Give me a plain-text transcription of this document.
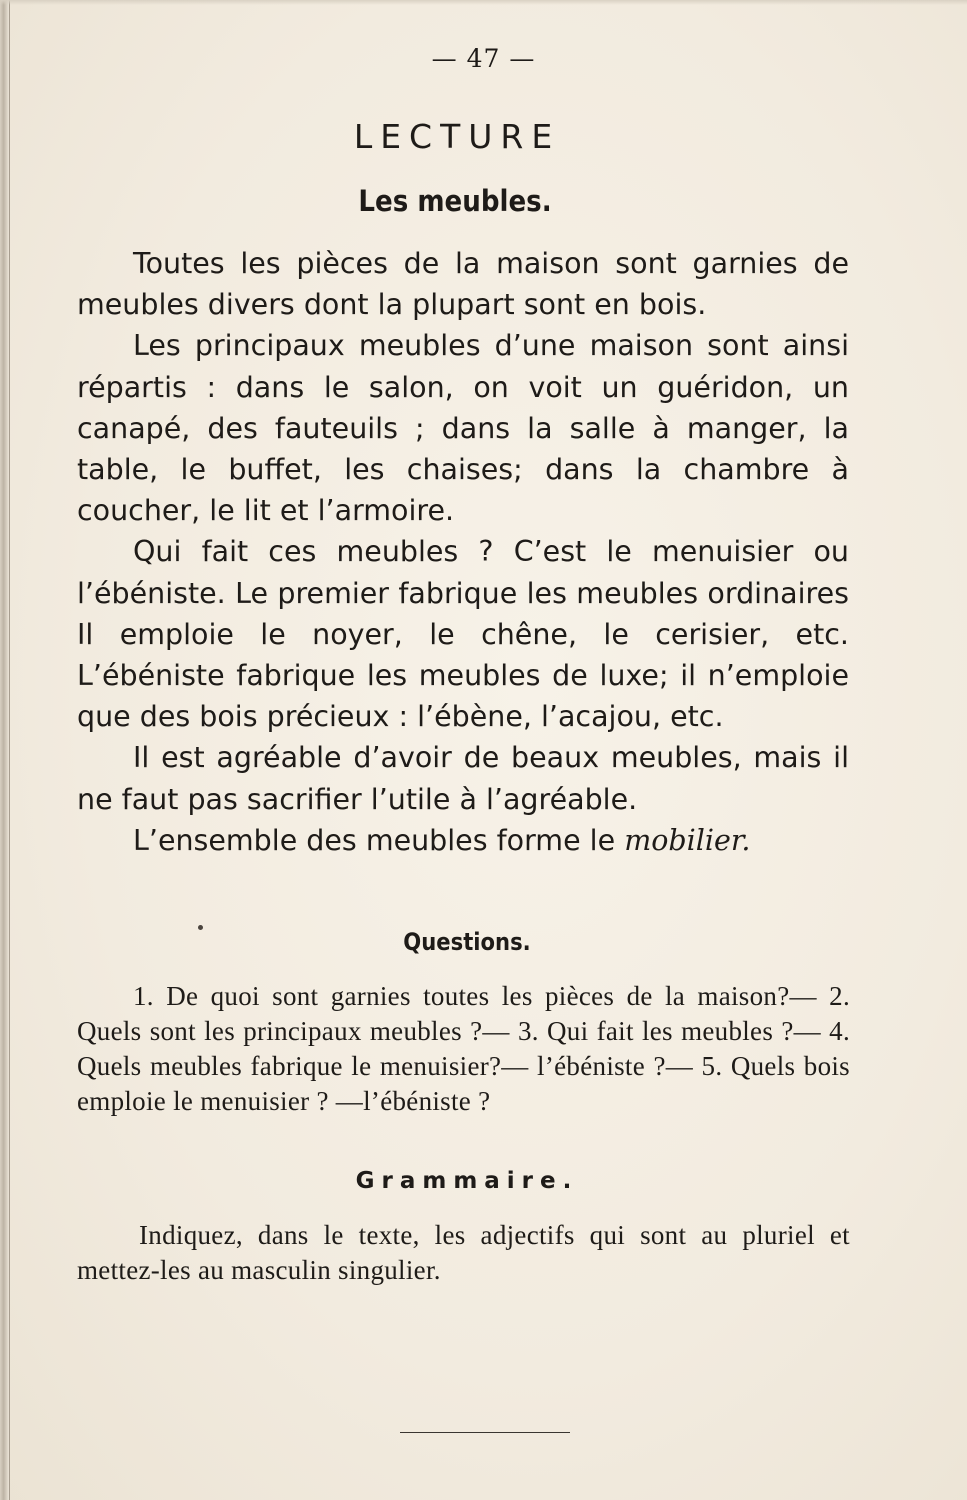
— 47 —
LECTURE
Les meubles.

Toutes les pièces de la maison sont garnies de meubles divers dont la plupart sont en bois.

Les principaux meubles d’une maison sont ainsi répartis : dans le salon, on voit un guéridon, un canapé, des fauteuils ; dans la salle à manger, la table, le buffet, les chaises; dans la chambre à coucher, le lit et l’armoire.

Qui fait ces meubles ? C’est le menuisier ou l’ébéniste. Le premier fabrique les meubles ordinaires Il emploie le noyer, le chêne, le cerisier, etc. L’ébéniste fabrique les meubles de luxe; il n’emploie que des bois précieux : l’ébène, l’acajou, etc.

Il est agréable d’avoir de beaux meubles, mais il ne faut pas sacrifier l’utile à l’agréable.

L’ensemble des meubles forme le mobilier.

Questions.
1. De quoi sont garnies toutes les pièces de la maison?— 2. Quels sont les principaux meubles ?— 3. Qui fait les meubles ?— 4. Quels meubles fabrique le menuisier?— l’ébéniste ?— 5. Quels bois emploie le menuisier ? —l’ébéniste ?
Grammaire.
Indiquez, dans le texte, les adjectifs qui sont au pluriel et mettez-les au masculin singulier.
